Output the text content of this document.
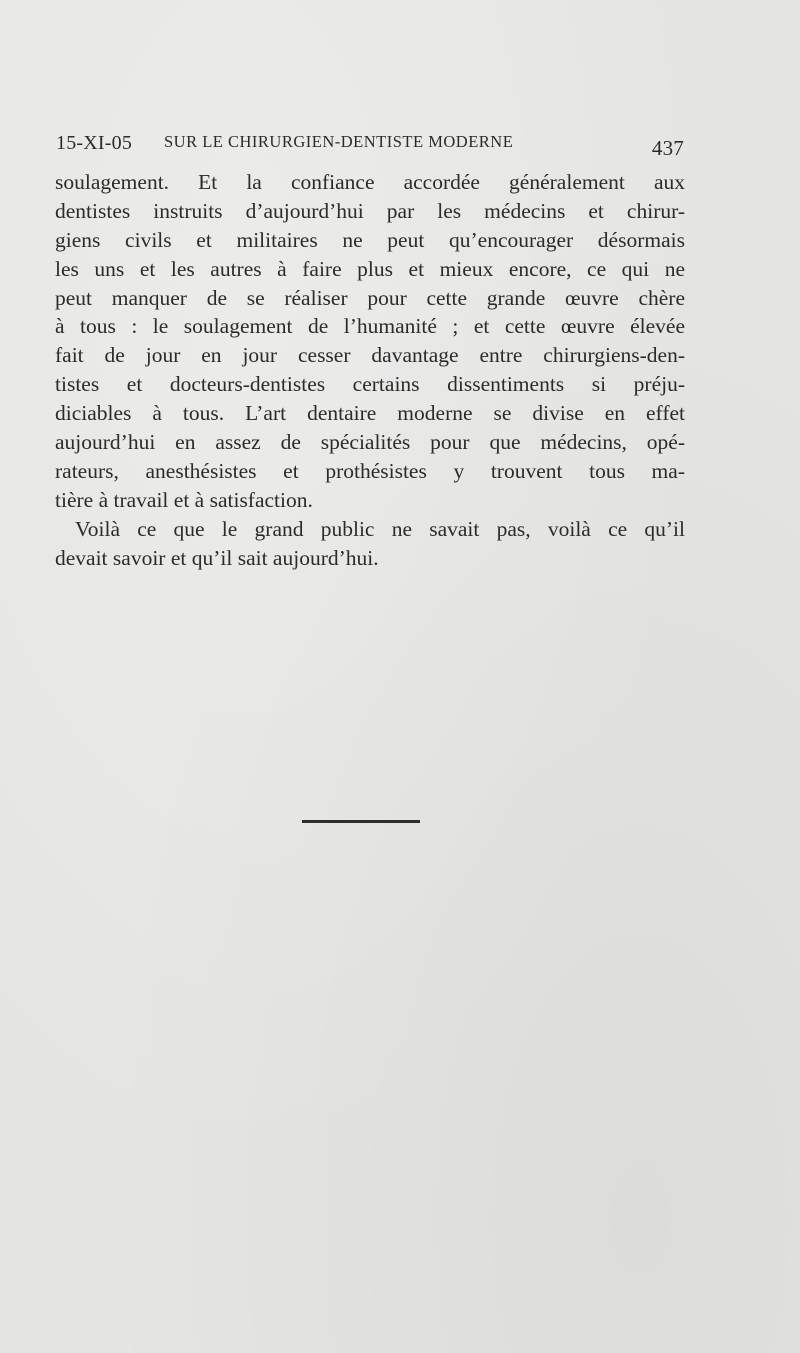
15-XI-05 SUR LE CHIRURGIEN-DENTISTE MODERNE	437
soulagement. Et la confiance accordée généralement aux
dentistes instruits d’aujourd’hui par les médecins et chirur-
giens civils et militaires ne peut qu’encourager désormais
les uns et les autres à faire plus et mieux encore, ce qui ne
peut manquer de se réaliser pour cette grande œuvre chère
à tous : le soulagement de l’humanité ; et cette œuvre élevée
fait de jour en jour cesser davantage entre chirurgiens-den-
tistes et docteurs-dentistes certains dissentiments si préju-
diciables à tous. L’art dentaire moderne se divise en effet
aujourd’hui en assez de spécialités pour que médecins, opé-
rateurs, anesthésistes et prothésistes y trouvent tous ma-
tière à travail et à satisfaction.
Voilà ce que le grand public ne savait pas, voilà ce qu’il
devait savoir et qu’il sait aujourd’hui.
